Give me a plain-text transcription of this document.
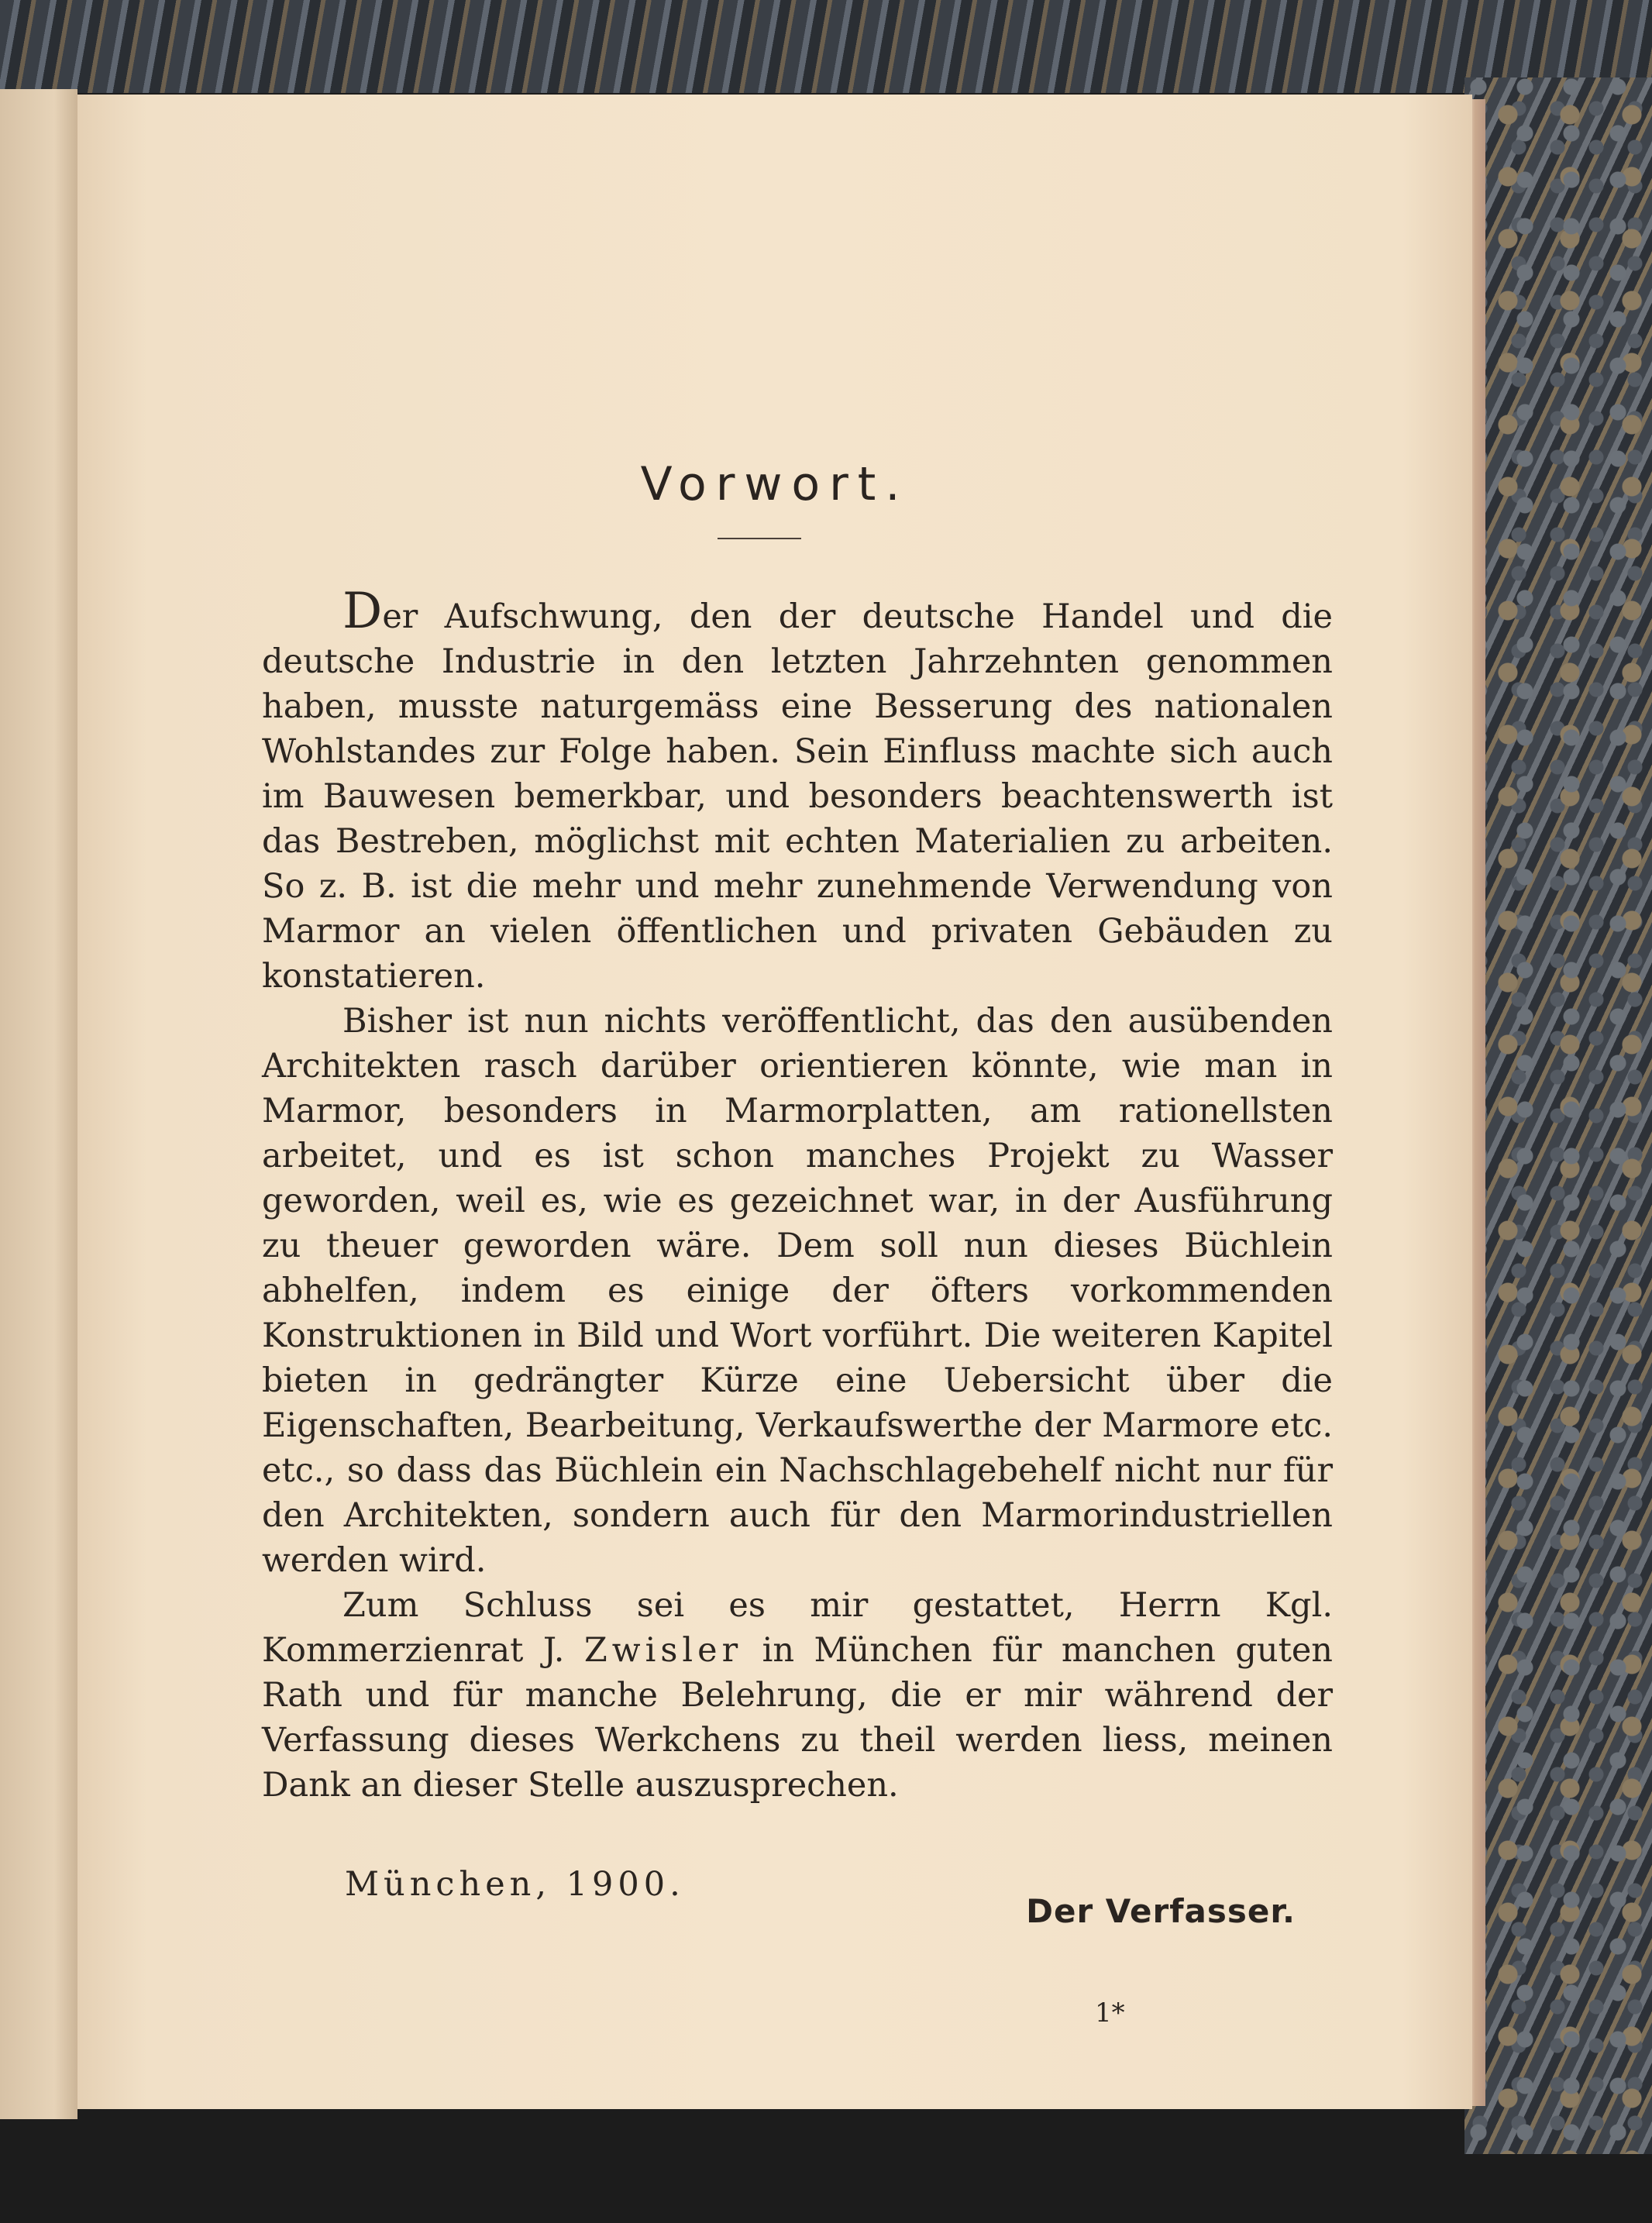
Vorwort.

Der Aufschwung, den der deutsche Handel und die deutsche Industrie in den letzten Jahrzehnten genommen haben, musste naturgemäss eine Besserung des nationalen Wohlstandes zur Folge haben. Sein Einfluss machte sich auch im Bauwesen bemerkbar, und besonders beachtenswerth ist das Bestreben, möglichst mit echten Materialien zu arbeiten. So z. B. ist die mehr und mehr zunehmende Verwendung von Marmor an vielen öffentlichen und privaten Gebäuden zu konstatieren.

Bisher ist nun nichts veröffentlicht, das den ausübenden Architekten rasch darüber orientieren könnte, wie man in Marmor, besonders in Marmorplatten, am rationellsten arbeitet, und es ist schon manches Projekt zu Wasser geworden, weil es, wie es gezeichnet war, in der Ausführung zu theuer geworden wäre. Dem soll nun dieses Büchlein abhelfen, indem es einige der öfters vorkommenden Konstruktionen in Bild und Wort vorführt. Die weiteren Kapitel bieten in gedrängter Kürze eine Uebersicht über die Eigenschaften, Bearbeitung, Verkaufswerthe der Marmore etc. etc., so dass das Büchlein ein Nachschlagebehelf nicht nur für den Architekten, sondern auch für den Marmorindustriellen werden wird.

Zum Schluss sei es mir gestattet, Herrn Kgl. Kommerzienrat J. Zwisler in München für manchen guten Rath und für manche Belehrung, die er mir während der Verfassung dieses Werkchens zu theil werden liess, meinen Dank an dieser Stelle auszusprechen.

München, 1900.
Der Verfasser.
1*
